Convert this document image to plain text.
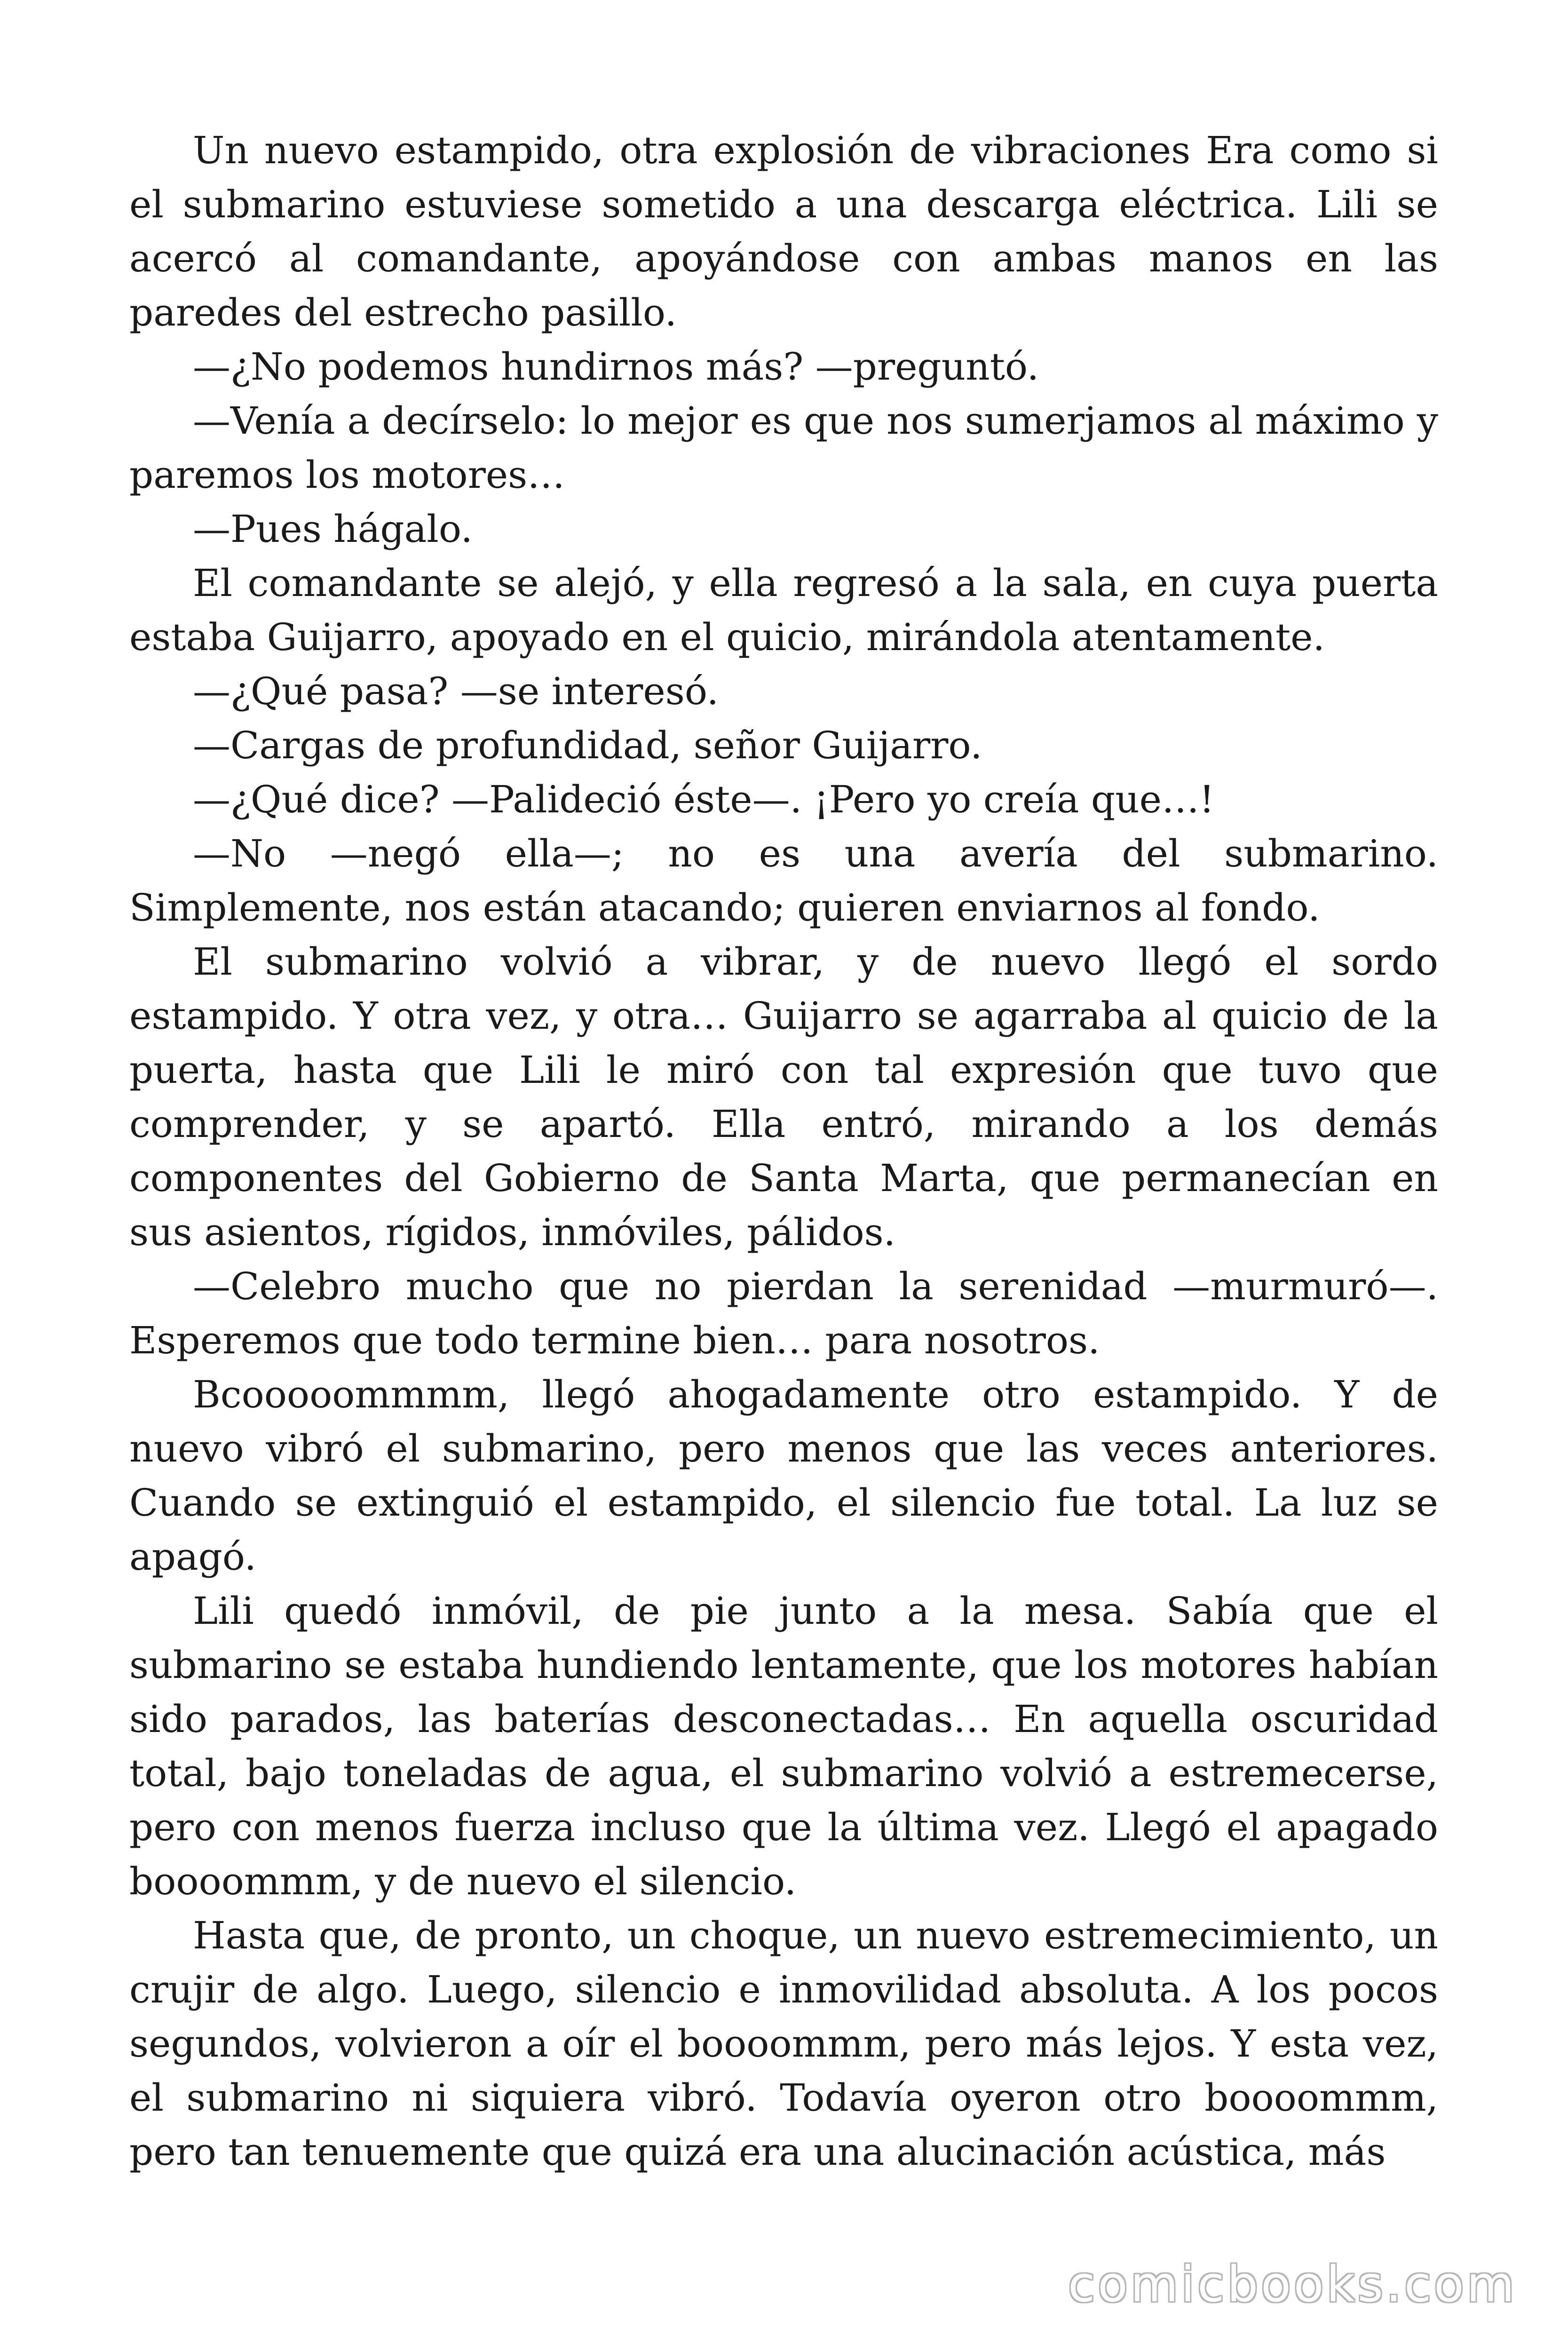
Un nuevo estampido, otra explosión de vibraciones Era como si el submarino estuviese sometido a una descarga eléctrica. Lili se acercó al comandante, apoyándose con ambas manos en las paredes del estrecho pasillo.

—¿No podemos hundirnos más? —preguntó.

—Venía a decírselo: lo mejor es que nos sumerjamos al máximo y paremos los motores…

—Pues hágalo.

El comandante se alejó, y ella regresó a la sala, en cuya puerta estaba Guijarro, apoyado en el quicio, mirándola atentamente.

—¿Qué pasa? —se interesó.

—Cargas de profundidad, señor Guijarro.

—¿Qué dice? —Palideció éste—. ¡Pero yo creía que…!

—No —negó ella—; no es una avería del submarino. Simplemente, nos están atacando; quieren enviarnos al fondo.

El submarino volvió a vibrar, y de nuevo llegó el sordo estampido. Y otra vez, y otra… Guijarro se agarraba al quicio de la puerta, hasta que Lili le miró con tal expresión que tuvo que comprender, y se apartó. Ella entró, mirando a los demás componentes del Gobierno de Santa Marta, que permanecían en sus asientos, rígidos, inmóviles, pálidos.

—Celebro mucho que no pierdan la serenidad —murmuró—. Esperemos que todo termine bien… para nosotros.

Bcooooommmm, llegó ahogadamente otro estampido. Y de nuevo vibró el submarino, pero menos que las veces anteriores. Cuando se extinguió el estampido, el silencio fue total. La luz se apagó.

Lili quedó inmóvil, de pie junto a la mesa. Sabía que el submarino se estaba hundiendo lentamente, que los motores habían sido parados, las baterías desconectadas… En aquella oscuridad total, bajo toneladas de agua, el submarino volvió a estremecerse, pero con menos fuerza incluso que la última vez. Llegó el apagado boooommm, y de nuevo el silencio.

Hasta que, de pronto, un choque, un nuevo estremecimiento, un crujir de algo. Luego, silencio e inmovilidad absoluta. A los pocos segundos, volvieron a oír el boooommm, pero más lejos. Y esta vez, el submarino ni siquiera vibró. Todavía oyeron otro boooommm, pero tan tenuemente que quizá era una alucinación acústica, más

comicbooks.com
